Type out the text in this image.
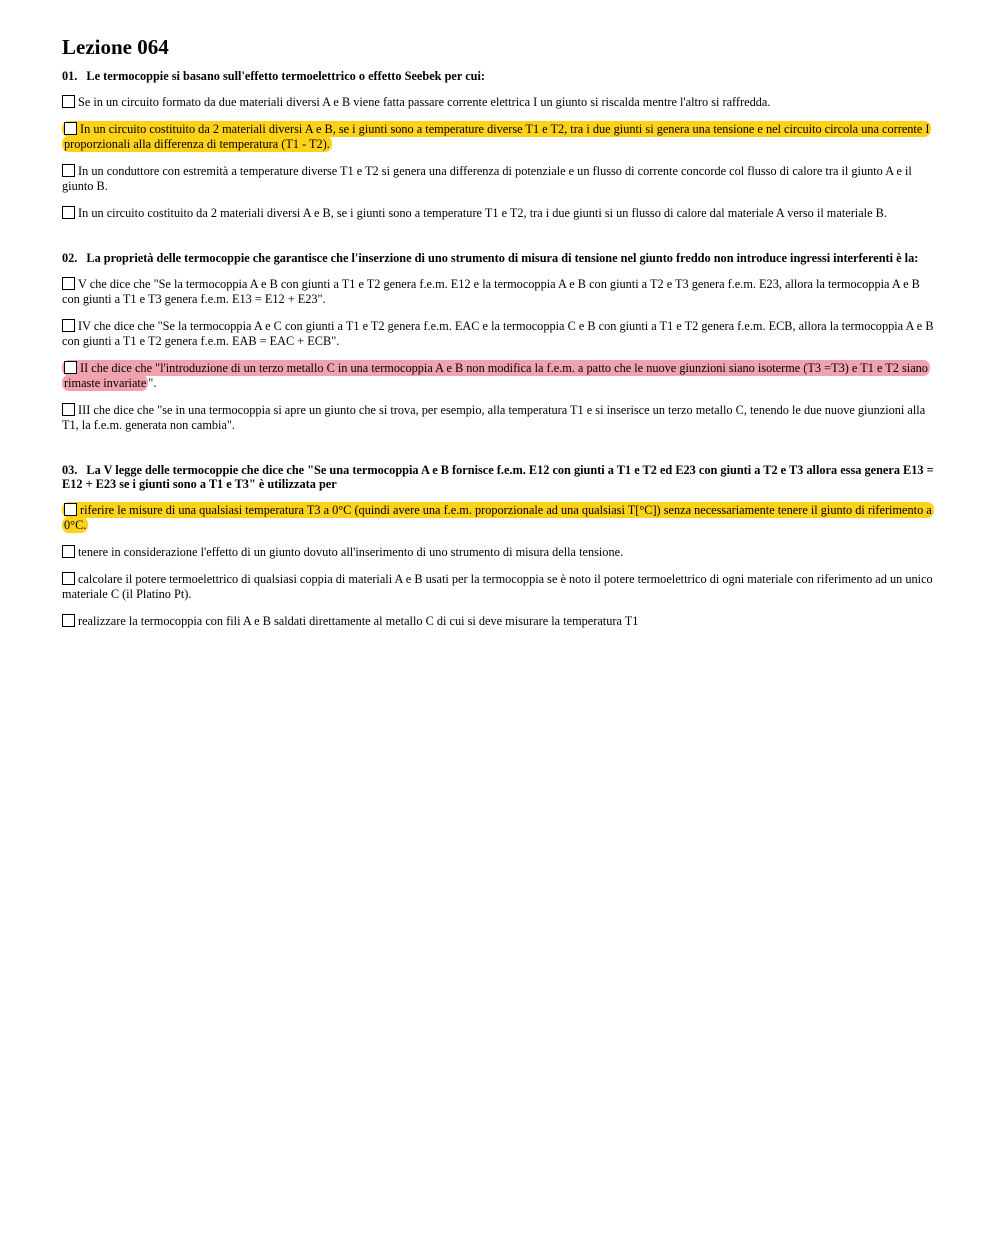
Lezione 064

01. Le termocoppie si basano sull'effetto termoelettrico o effetto Seebek per cui:

Se in un circuito formato da due materiali diversi A e B viene fatta passare corrente elettrica I un giunto si riscalda mentre l'altro si raffredda.

In un circuito costituito da 2 materiali diversi A e B, se i giunti sono a temperature diverse T1 e T2, tra i due giunti si genera una tensione e nel circuito circola una corrente I proporzionali alla differenza di temperatura (T1 - T2).

In un conduttore con estremità a temperature diverse T1 e T2 si genera una differenza di potenziale e un flusso di corrente concorde col flusso di calore tra il giunto A e il giunto B.

In un circuito costituito da 2 materiali diversi A e B, se i giunti sono a temperature T1 e T2, tra i due giunti si un flusso di calore dal materiale A verso il materiale B.

02. La proprietà delle termocoppie che garantisce che l'inserzione di uno strumento di misura di tensione nel giunto freddo non introduce ingressi interferenti è la:

V che dice che "Se la termocoppia A e B con giunti a T1 e T2 genera f.e.m. E12 e la termocoppia A e B con giunti a T2 e T3 genera f.e.m. E23, allora la termocoppia A e B con giunti a T1 e T3 genera f.e.m. E13 = E12 + E23".

IV che dice che "Se la termocoppia A e C con giunti a T1 e T2 genera f.e.m. EAC e la termocoppia C e B con giunti a T1 e T2 genera f.e.m. ECB, allora la termocoppia A e B con giunti a T1 e T2 genera f.e.m. EAB = EAC + ECB".

II che dice che "l'introduzione di un terzo metallo C in una termocoppia A e B non modifica la f.e.m. a patto che le nuove giunzioni siano isoterme (T3 =T3) e T1 e T2 siano rimaste invariate ".

III che dice che "se in una termocoppia si apre un giunto che si trova, per esempio, alla temperatura T1 e si inserisce un terzo metallo C, tenendo le due nuove giunzioni alla T1, la f.e.m. generata non cambia".

03. La V legge delle termocoppie che dice che "Se una termocoppia A e B fornisce f.e.m. E12 con giunti a T1 e T2 ed E23 con giunti a T2 e T3 allora essa genera E13 = E12 + E23 se i giunti sono a T1 e T3" è utilizzata per

riferire le misure di una qualsiasi temperatura T3 a 0°C (quindi avere una f.e.m. proporzionale ad una qualsiasi T[°C]) senza necessariamente tenere il giunto di riferimento a 0°C.

tenere in considerazione l'effetto di un giunto dovuto all'inserimento di uno strumento di misura della tensione.

calcolare il potere termoelettrico di qualsiasi coppia di materiali A e B usati per la termocoppia se è noto il potere termoelettrico di ogni materiale con riferimento ad un unico materiale C (il Platino Pt).

realizzare la termocoppia con fili A e B saldati direttamente al metallo C di cui si deve misurare la temperatura T1
